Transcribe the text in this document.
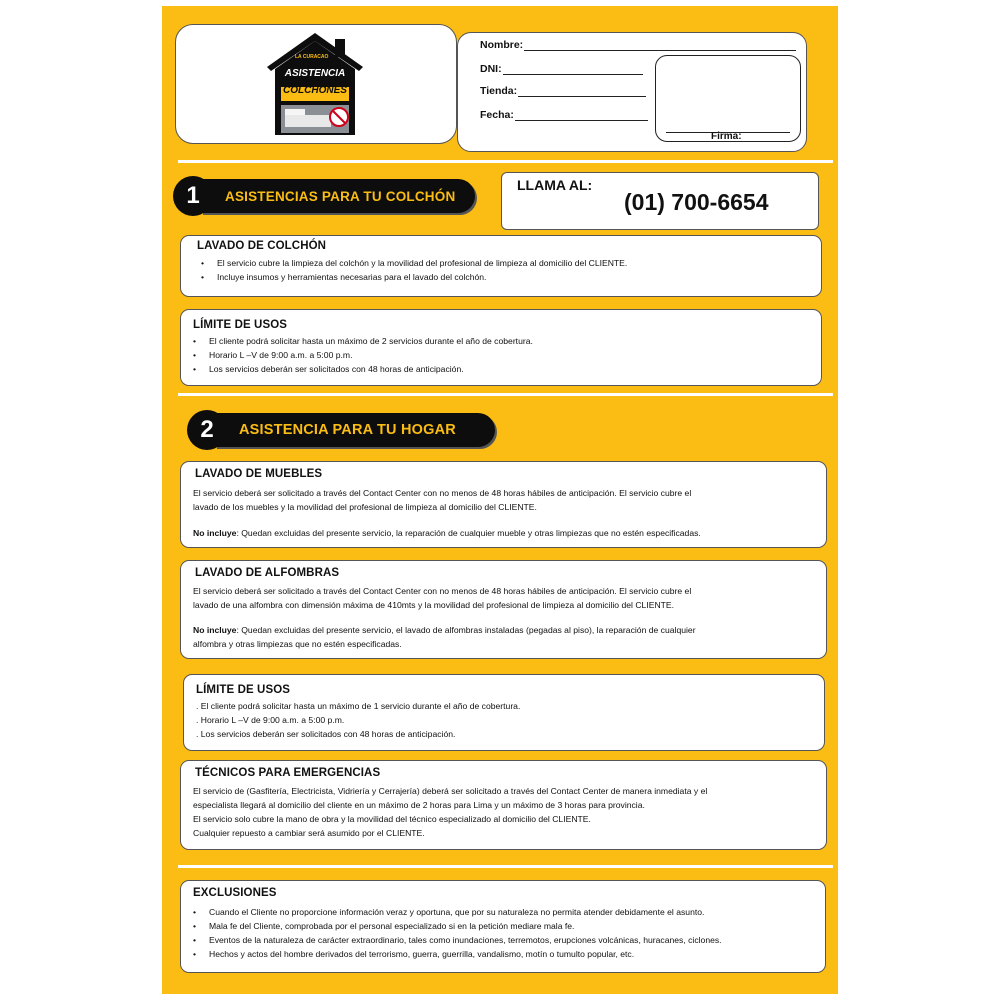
LA CURACAO
ASISTENCIA
COLCHONES
Nombre:
DNI:
Tienda:
Fecha:
Firma:
1	ASISTENCIAS PARA TU COLCHÓN
LLAMA AL:
(01) 700-6654
LAVADO DE COLCHÓN
• El servicio cubre la limpieza del colchón y la movilidad del profesional de limpieza al domicilio del CLIENTE.
• Incluye insumos y herramientas necesarias para el lavado del colchón.
LÍMITE DE USOS
• El cliente podrá solicitar hasta un máximo de 2 servicios durante el año de cobertura.
• Horario L –V de 9:00 a.m. a 5:00 p.m.
• Los servicios deberán ser solicitados con 48 horas de anticipación.
2	ASISTENCIA PARA TU HOGAR
LAVADO DE MUEBLES

El servicio deberá ser solicitado a través del Contact Center con no menos de 48 horas hábiles de anticipación. El servicio cubre el

lavado de los muebles y la movilidad del profesional de limpieza al domicilio del CLIENTE.

No incluye: Quedan excluidas del presente servicio, la reparación de cualquier mueble y otras limpiezas que no estén especificadas.

LAVADO DE ALFOMBRAS

El servicio deberá ser solicitado a través del Contact Center con no menos de 48 horas hábiles de anticipación. El servicio cubre el

lavado de una alfombra con dimensión máxima de 410mts y la movilidad del profesional de limpieza al domicilio del CLIENTE.

No incluye: Quedan excluidas del presente servicio, el lavado de alfombras instaladas (pegadas al piso), la reparación de cualquier

alfombra y otras limpiezas que no estén especificadas.

LÍMITE DE USOS

. El cliente podrá solicitar hasta un máximo de 1 servicio durante el año de cobertura.

. Horario L –V de 9:00 a.m. a 5:00 p.m.

. Los servicios deberán ser solicitados con 48 horas de anticipación.

TÉCNICOS PARA EMERGENCIAS

El servicio de (Gasfitería, Electricista, Vidriería y Cerrajería) deberá ser solicitado a través del Contact Center de manera inmediata y el

especialista llegará al domicilio del cliente en un máximo de 2 horas para Lima y un máximo de 3 horas para provincia.

El servicio solo cubre la mano de obra y la movilidad del técnico especializado al domicilio del CLIENTE.

Cualquier repuesto a cambiar será asumido por el CLIENTE.

EXCLUSIONES
• Cuando el Cliente no proporcione información veraz y oportuna, que por su naturaleza no permita atender debidamente el asunto.
• Mala fe del Cliente, comprobada por el personal especializado si en la petición mediare mala fe.
• Eventos de la naturaleza de carácter extraordinario, tales como inundaciones, terremotos, erupciones volcánicas, huracanes, ciclones.
• Hechos y actos del hombre derivados del terrorismo, guerra, guerrilla, vandalismo, motín o tumulto popular, etc.
